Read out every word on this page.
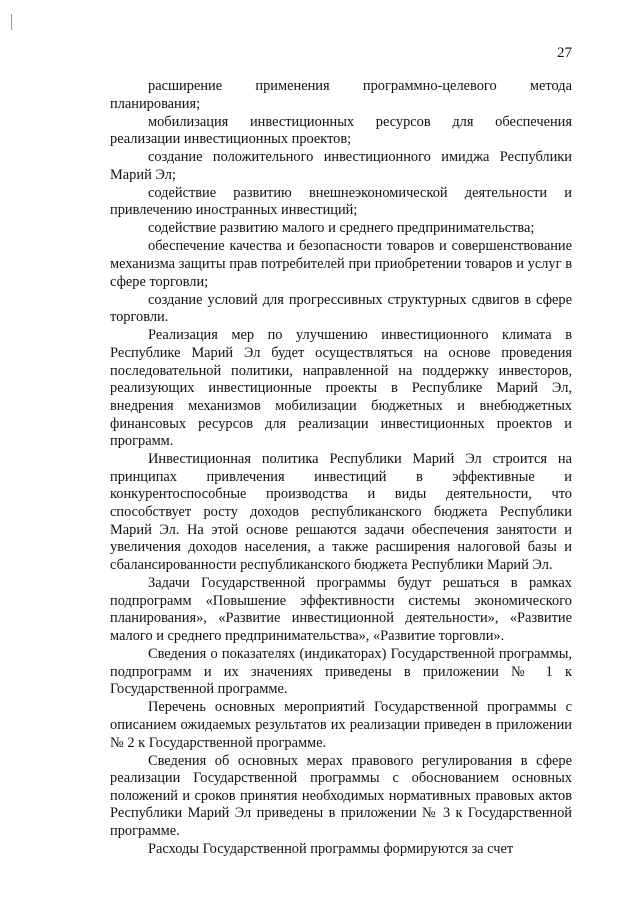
27

расширение применения программно-целевого метода планирования;

мобилизация инвестиционных ресурсов для обеспечения реализации инвестиционных проектов;

создание положительного инвестиционного имиджа Республики Марий Эл;

содействие развитию внешнеэкономической деятельности и привлечению иностранных инвестиций;

содействие развитию малого и среднего предпринимательства;

обеспечение качества и безопасности товаров и совершенствование механизма защиты прав потребителей при приобретении товаров и услуг в сфере торговли;

создание условий для прогрессивных структурных сдвигов в сфере торговли.

Реализация мер по улучшению инвестиционного климата в Республике Марий Эл будет осуществляться на основе проведения последовательной политики, направленной на поддержку инвесторов, реализующих инвестиционные проекты в Республике Марий Эл, внедрения механизмов мобилизации бюджетных и внебюджетных финансовых ресурсов для реализации инвестиционных проектов и программ.

Инвестиционная политика Республики Марий Эл строится на принципах привлечения инвестиций в эффективные и конкурентоспособные производства и виды деятельности, что способствует росту доходов республиканского бюджета Республики Марий Эл. На этой основе решаются задачи обеспечения занятости и увеличения доходов населения, а также расширения налоговой базы и сбалансированности республиканского бюджета Республики Марий Эл.

Задачи Государственной программы будут решаться в рамках подпрограмм «Повышение эффективности системы экономического планирования», «Развитие инвестиционной деятельности», «Развитие малого и среднего предпринимательства», «Развитие торговли».

Сведения о показателях (индикаторах) Государственной программы, подпрограмм и их значениях приведены в приложении № 1 к Государственной программе.

Перечень основных мероприятий Государственной программы с описанием ожидаемых результатов их реализации приведен в приложении № 2 к Государственной программе.

Сведения об основных мерах правового регулирования в сфере реализации Государственной программы с обоснованием основных положений и сроков принятия необходимых нормативных правовых актов Республики Марий Эл приведены в приложении № 3 к Государственной программе.

Расходы Государственной программы формируются за счет
